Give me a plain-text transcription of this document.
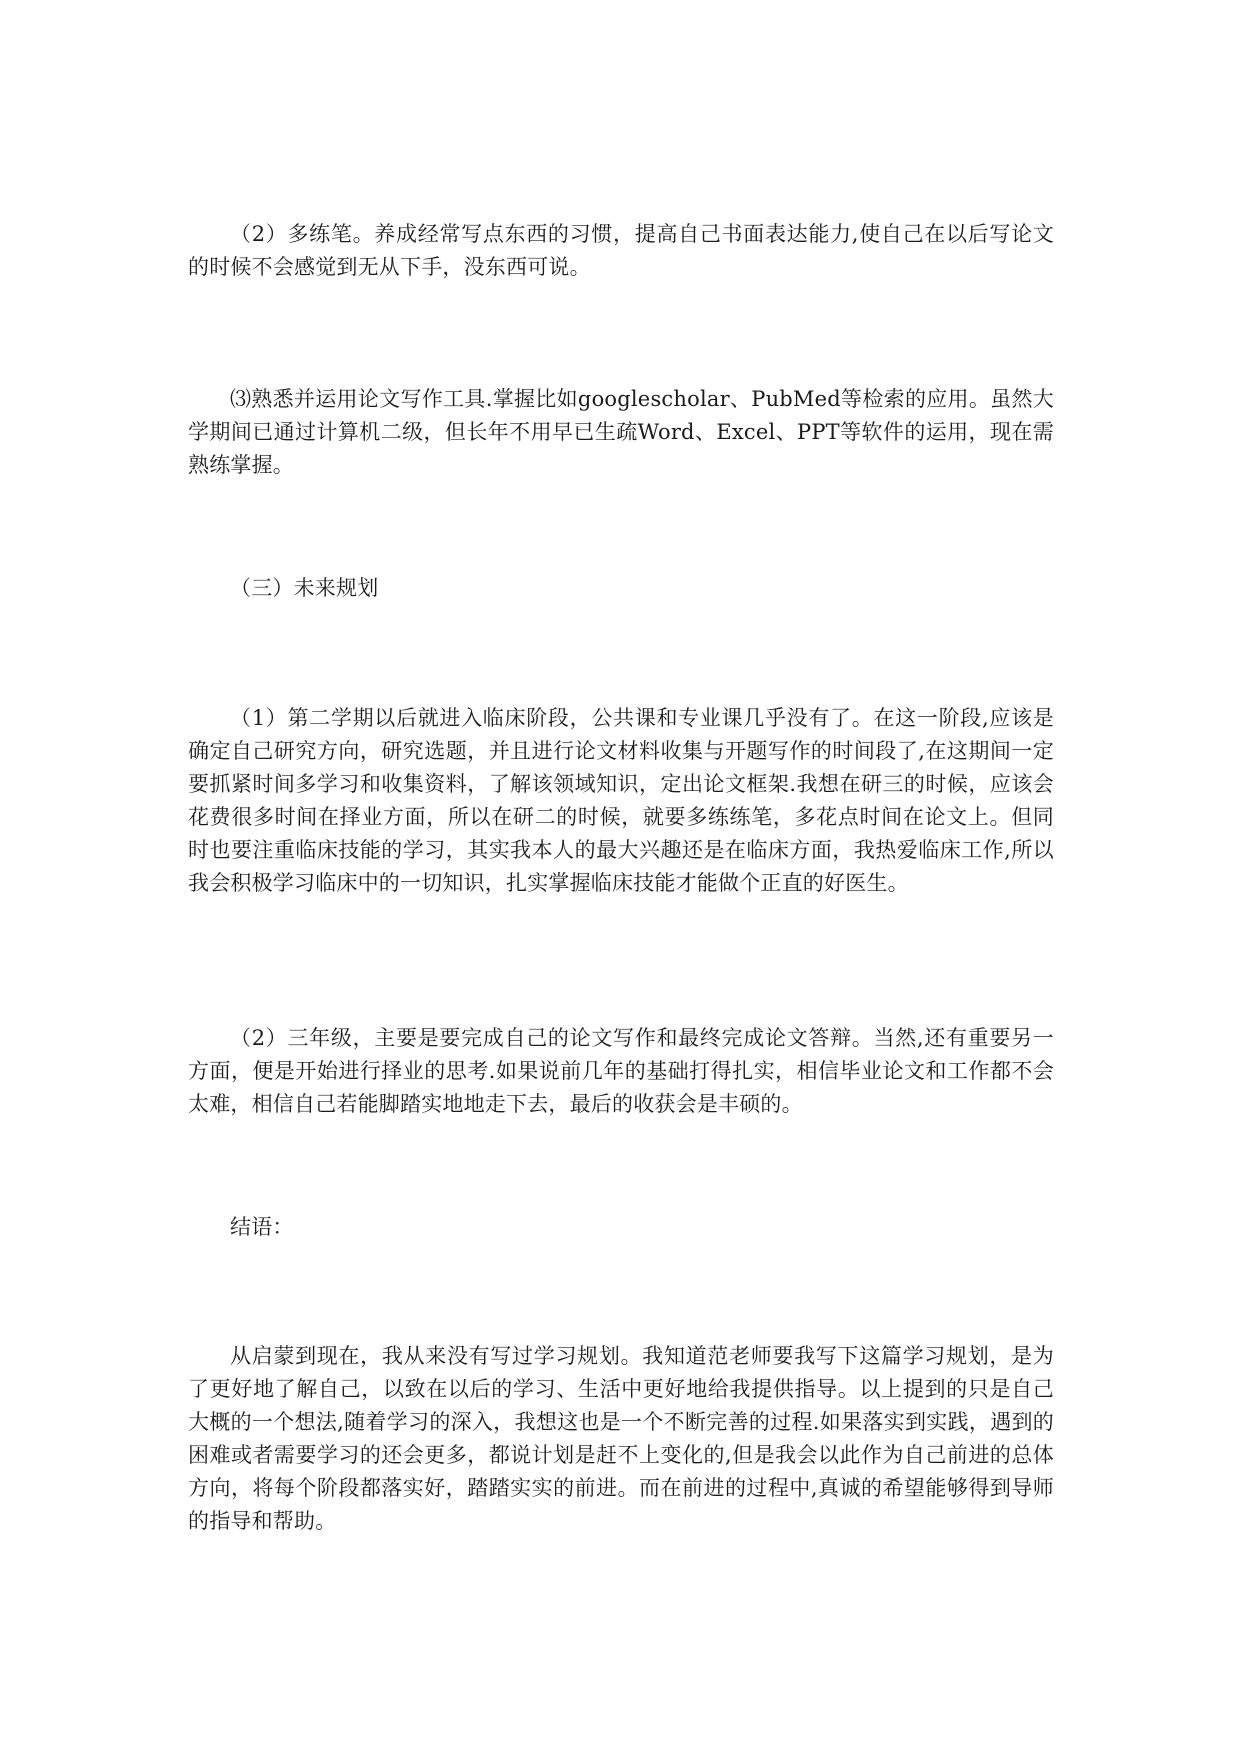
（2）多练笔。养成经常写点东西的习惯，提高自己书面表达能力,使自己在以后写论文的时候不会感觉到无从下手，没东西可说。

⑶熟悉并运用论文写作工具.掌握比如googlescholar、PubMed等检索的应用。虽然大学期间已通过计算机二级，但长年不用早已生疏Word、Excel、PPT等软件的运用，现在需熟练掌握。

（三）未来规划

（1）第二学期以后就进入临床阶段，公共课和专业课几乎没有了。在这一阶段,应该是确定自己研究方向，研究选题，并且进行论文材料收集与开题写作的时间段了,在这期间一定要抓紧时间多学习和收集资料，了解该领域知识，定出论文框架.我想在研三的时候，应该会花费很多时间在择业方面，所以在研二的时候，就要多练练笔，多花点时间在论文上。但同时也要注重临床技能的学习，其实我本人的最大兴趣还是在临床方面，我热爱临床工作,所以我会积极学习临床中的一切知识，扎实掌握临床技能才能做个正直的好医生。

（2）三年级，主要是要完成自己的论文写作和最终完成论文答辩。当然,还有重要另一方面，便是开始进行择业的思考.如果说前几年的基础打得扎实，相信毕业论文和工作都不会太难，相信自己若能脚踏实地地走下去，最后的收获会是丰硕的。

结语：

从启蒙到现在，我从来没有写过学习规划。我知道范老师要我写下这篇学习规划，是为了更好地了解自己，以致在以后的学习、生活中更好地给我提供指导。以上提到的只是自己大概的一个想法,随着学习的深入，我想这也是一个不断完善的过程.如果落实到实践，遇到的困难或者需要学习的还会更多，都说计划是赶不上变化的,但是我会以此作为自己前进的总体方向，将每个阶段都落实好，踏踏实实的前进。而在前进的过程中,真诚的希望能够得到导师的指导和帮助。
